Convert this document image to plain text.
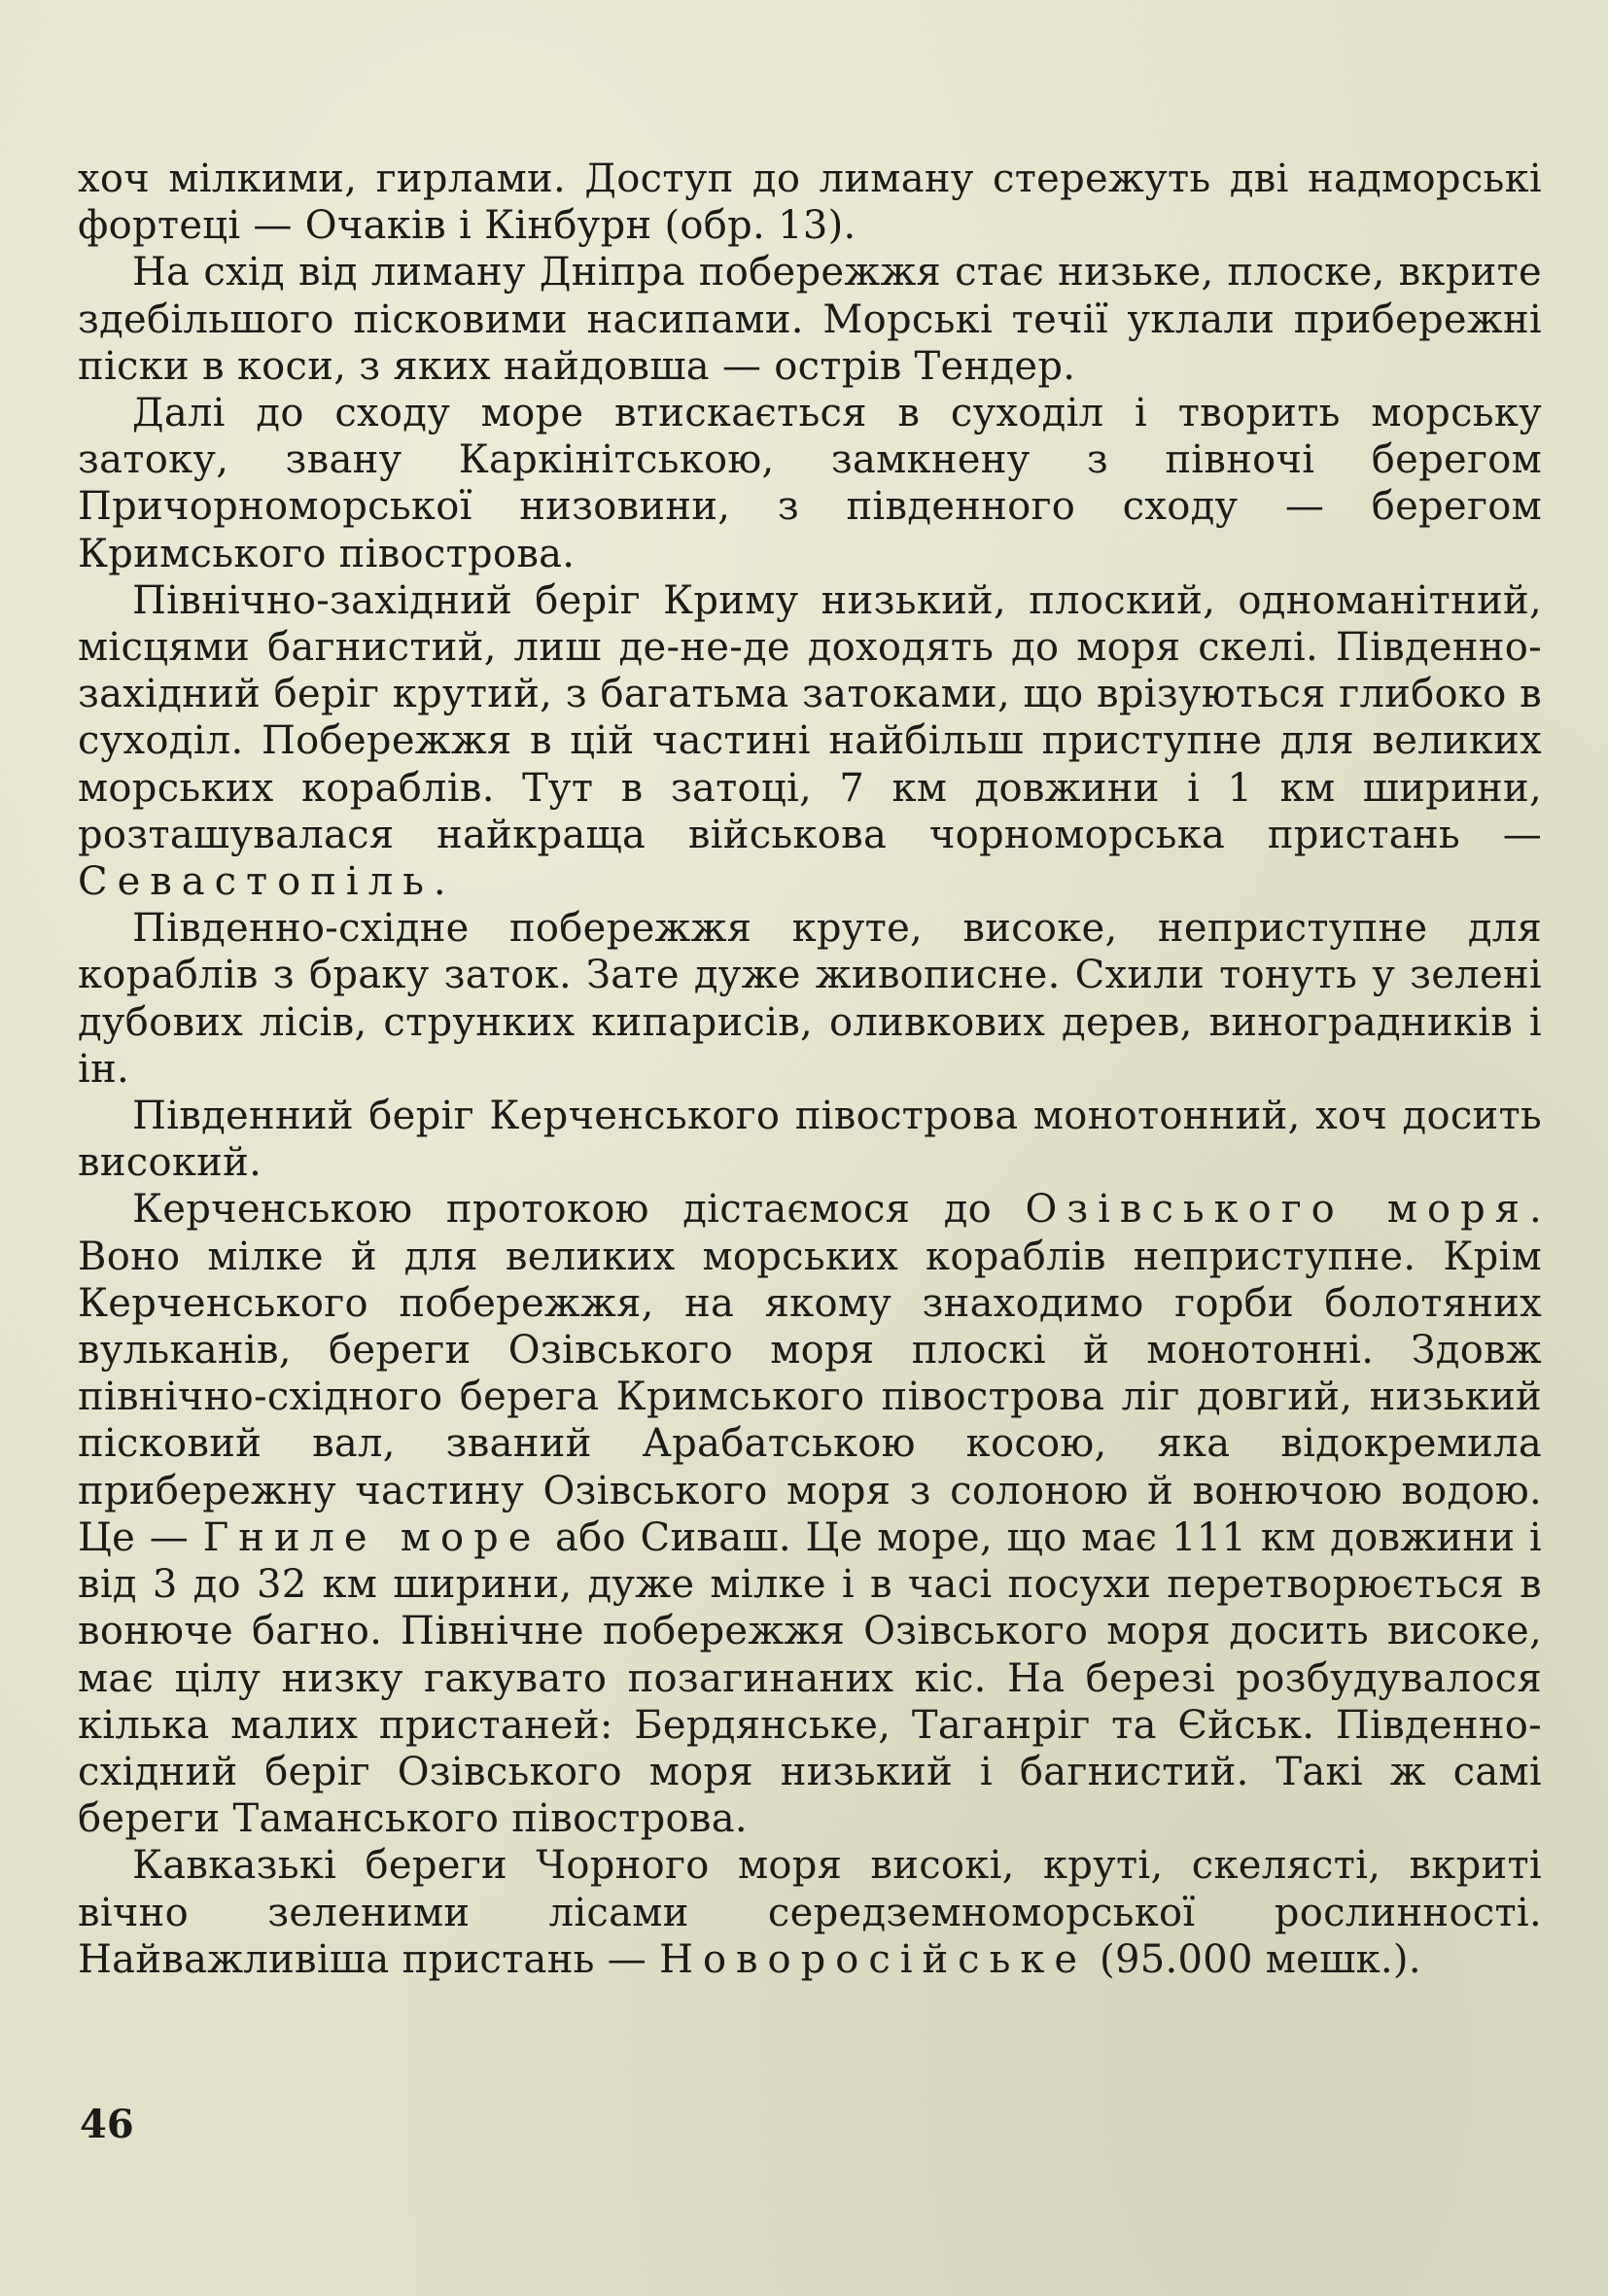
хоч мілкими, гирлами. Доступ до лиману стережуть дві надморські фортеці — Очаків і Кінбурн (обр. 13).

На схід від лиману Дніпра побережжя стає низьке, плоске, вкрите здебільшого пісковими насипами. Морські течії уклали прибережні піски в коси, з яких найдовша — острів Тендер.

Далі до сходу море втискається в суходіл і творить морську затоку, звану Каркінітською, замкнену з півночі берегом Причорноморської низовини, з південного сходу — берегом Кримського півострова.

Північно-західний беріг Криму низький, плоский, одноманітний, місцями багнистий, лиш де-не-де доходять до моря скелі. Південно-західний беріг крутий, з багатьма затоками, що врізуються глибоко в суходіл. Побережжя в цій частині найбільш приступне для великих морських кораблів. Тут в затоці, 7 км довжини і 1 км ширини, розташувалася найкраща військова чорноморська пристань — Севастопіль.

Південно-східне побережжя круте, високе, неприступне для кораблів з браку заток. Зате дуже живописне. Схили тонуть у зелені дубових лісів, струнких кипарисів, оливкових дерев, виноградників і ін.

Південний беріг Керченського півострова монотонний, хоч досить високий.

Керченською протокою дістаємося до Озівського моря. Воно мілке й для великих морських кораблів неприступне. Крім Керченського побережжя, на якому знаходимо горби болотяних вульканів, береги Озівського моря плоскі й монотонні. Здовж північно-східного берега Кримського півострова ліг довгий, низький пісковий вал, званий Арабатською косою, яка відокремила прибережну частину Озівського моря з солоною й вонючою водою. Це — Гниле море або Сиваш. Це море, що має 111 км довжини і від 3 до 32 км ширини, дуже мілке і в часі посухи перетворюється в вонюче багно. Північне побережжя Озівського моря досить високе, має цілу низку гакувато позагинаних кіс. На березі розбудувалося кілька малих пристаней: Бердянське, Таганріг та Єйськ. Південно-східний беріг Озівського моря низький і багнистий. Такі ж самі береги Таманського півострова.

Кавказькі береги Чорного моря високі, круті, скелясті, вкриті вічно зеленими лісами середземноморської рослинності. Найважливіша пристань — Новоросійське (95.000 мешк.).

46
